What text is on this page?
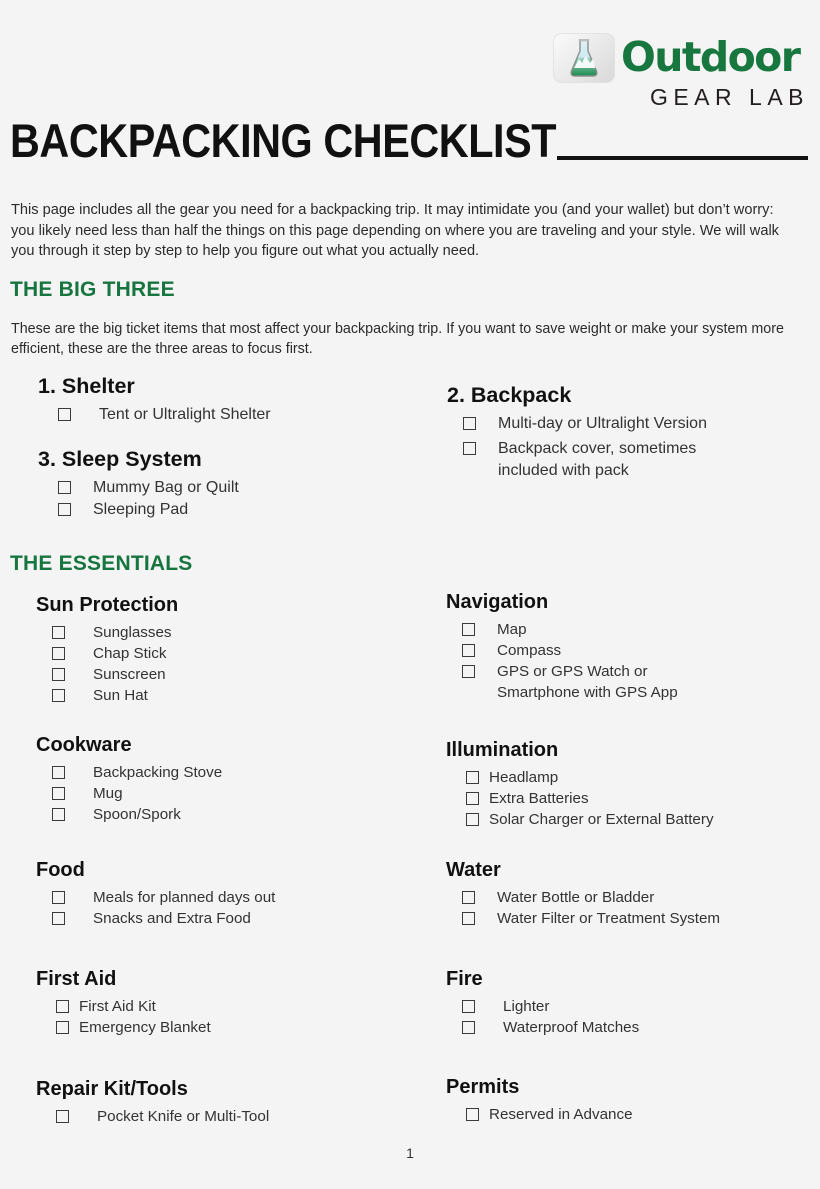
Outdoor
GEAR LAB
BACKPACKING CHECKLIST

This page includes all the gear you need for a backpacking trip. It may intimidate you (and your wallet) but don’t worry: you likely need less than half the things on this page depending on where you are traveling and your style. We will walk you through it step by step to help you figure out what you actually need.

THE BIG THREE

These are the big ticket items that most affect your backpacking trip. If you want to save weight or make your system more efficient, these are the three areas to focus first.

1. Shelter
Tent or Ultralight Shelter
2. Backpack
Multi-day or Ultralight Version
Backpack cover, sometimes included with pack
3. Sleep System
Mummy Bag or Quilt
Sleeping Pad
THE ESSENTIALS
Sun Protection
Sunglasses
Chap Stick
Sunscreen
Sun Hat
Navigation
Map
Compass
GPS or GPS Watch or Smartphone with GPS App
Cookware
Backpacking Stove
Mug
Spoon/Spork
Illumination
Headlamp
Extra Batteries
Solar Charger or External Battery
Food
Meals for planned days out
Snacks and Extra Food
Water
Water Bottle or Bladder
Water Filter or Treatment System
First Aid
First Aid Kit
Emergency Blanket
Fire
Lighter
Waterproof Matches
Repair Kit/Tools
Pocket Knife or Multi-Tool
Permits
Reserved in Advance
1
